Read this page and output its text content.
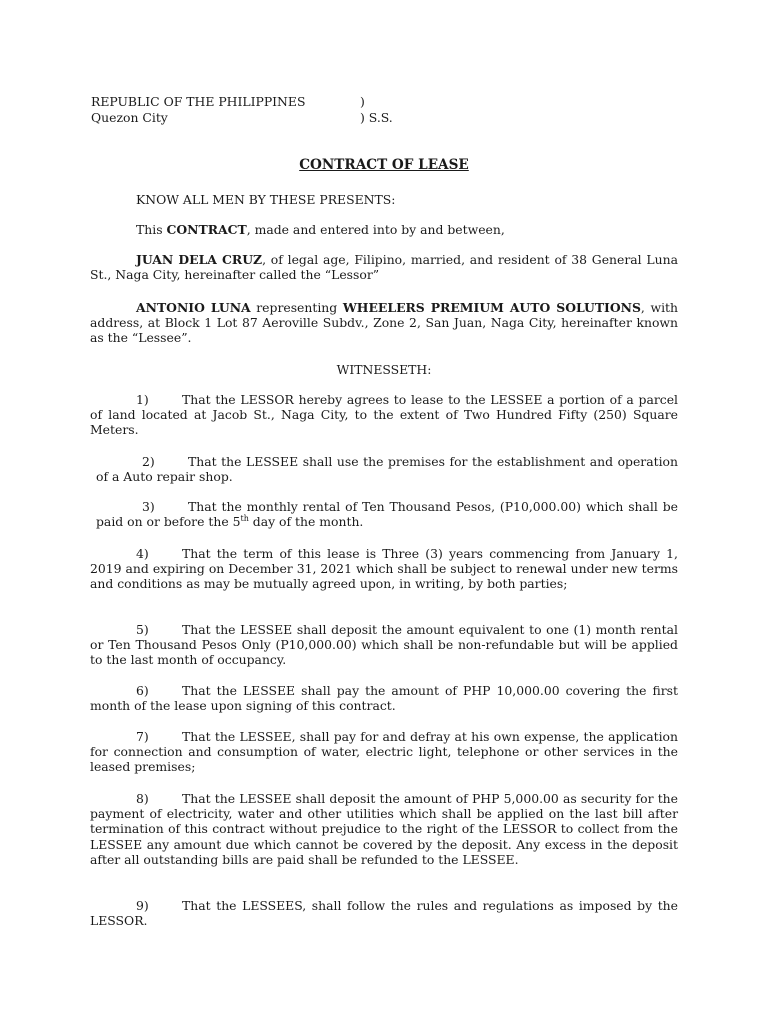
REPUBLIC OF THE PHILIPPINES	)
Quezon City	) S.S.
CONTRACT OF LEASE
KNOW ALL MEN BY THESE PRESENTS:
This CONTRACT, made and entered into by and between,
JUAN DELA CRUZ, of legal age, Filipino, married, and resident of 38 General Luna St., Naga City, hereinafter called the “Lessor”
ANTONIO LUNA representing WHEELERS PREMIUM AUTO SOLUTIONS, with address, at Block 1 Lot 87 Aeroville Subdv., Zone 2, San Juan, Naga City, hereinafter known as the “Lessee”.
WITNESSETH:
1)	That the LESSOR hereby agrees to lease to the LESSEE a portion of a parcel of land located at Jacob St., Naga City, to the extent of Two Hundred Fifty (250) Square Meters.
2)	That the LESSEE shall use the premises for the establishment and operation of a Auto repair shop.
3)	That the monthly rental of Ten Thousand Pesos, (P10,000.00) which shall be paid on or before the 5th day of the month.
4)	That the term of this lease is Three (3) years commencing from January 1, 2019 and expiring on December 31, 2021 which shall be subject to renewal under new terms and conditions as may be mutually agreed upon, in writing, by both parties;
5)	That the LESSEE shall deposit the amount equivalent to one (1) month rental or Ten Thousand Pesos Only (P10,000.00) which shall be non-refundable but will be applied to the last month of occupancy.
6)	That the LESSEE shall pay the amount of PHP 10,000.00 covering the first month of the lease upon signing of this contract.
7)	That the LESSEE, shall pay for and defray at his own expense, the application for connection and consumption of water, electric light, telephone or other services in the leased premises;
8)	That the LESSEE shall deposit the amount of PHP 5,000.00 as security for the payment of electricity, water and other utilities which shall be applied on the last bill after termination of this contract without prejudice to the right of the LESSOR to collect from the LESSEE any amount due which cannot be covered by the deposit. Any excess in the deposit after all outstanding bills are paid shall be refunded to the LESSEE.
9)	That the LESSEES, shall follow the rules and regulations as imposed by the LESSOR.
